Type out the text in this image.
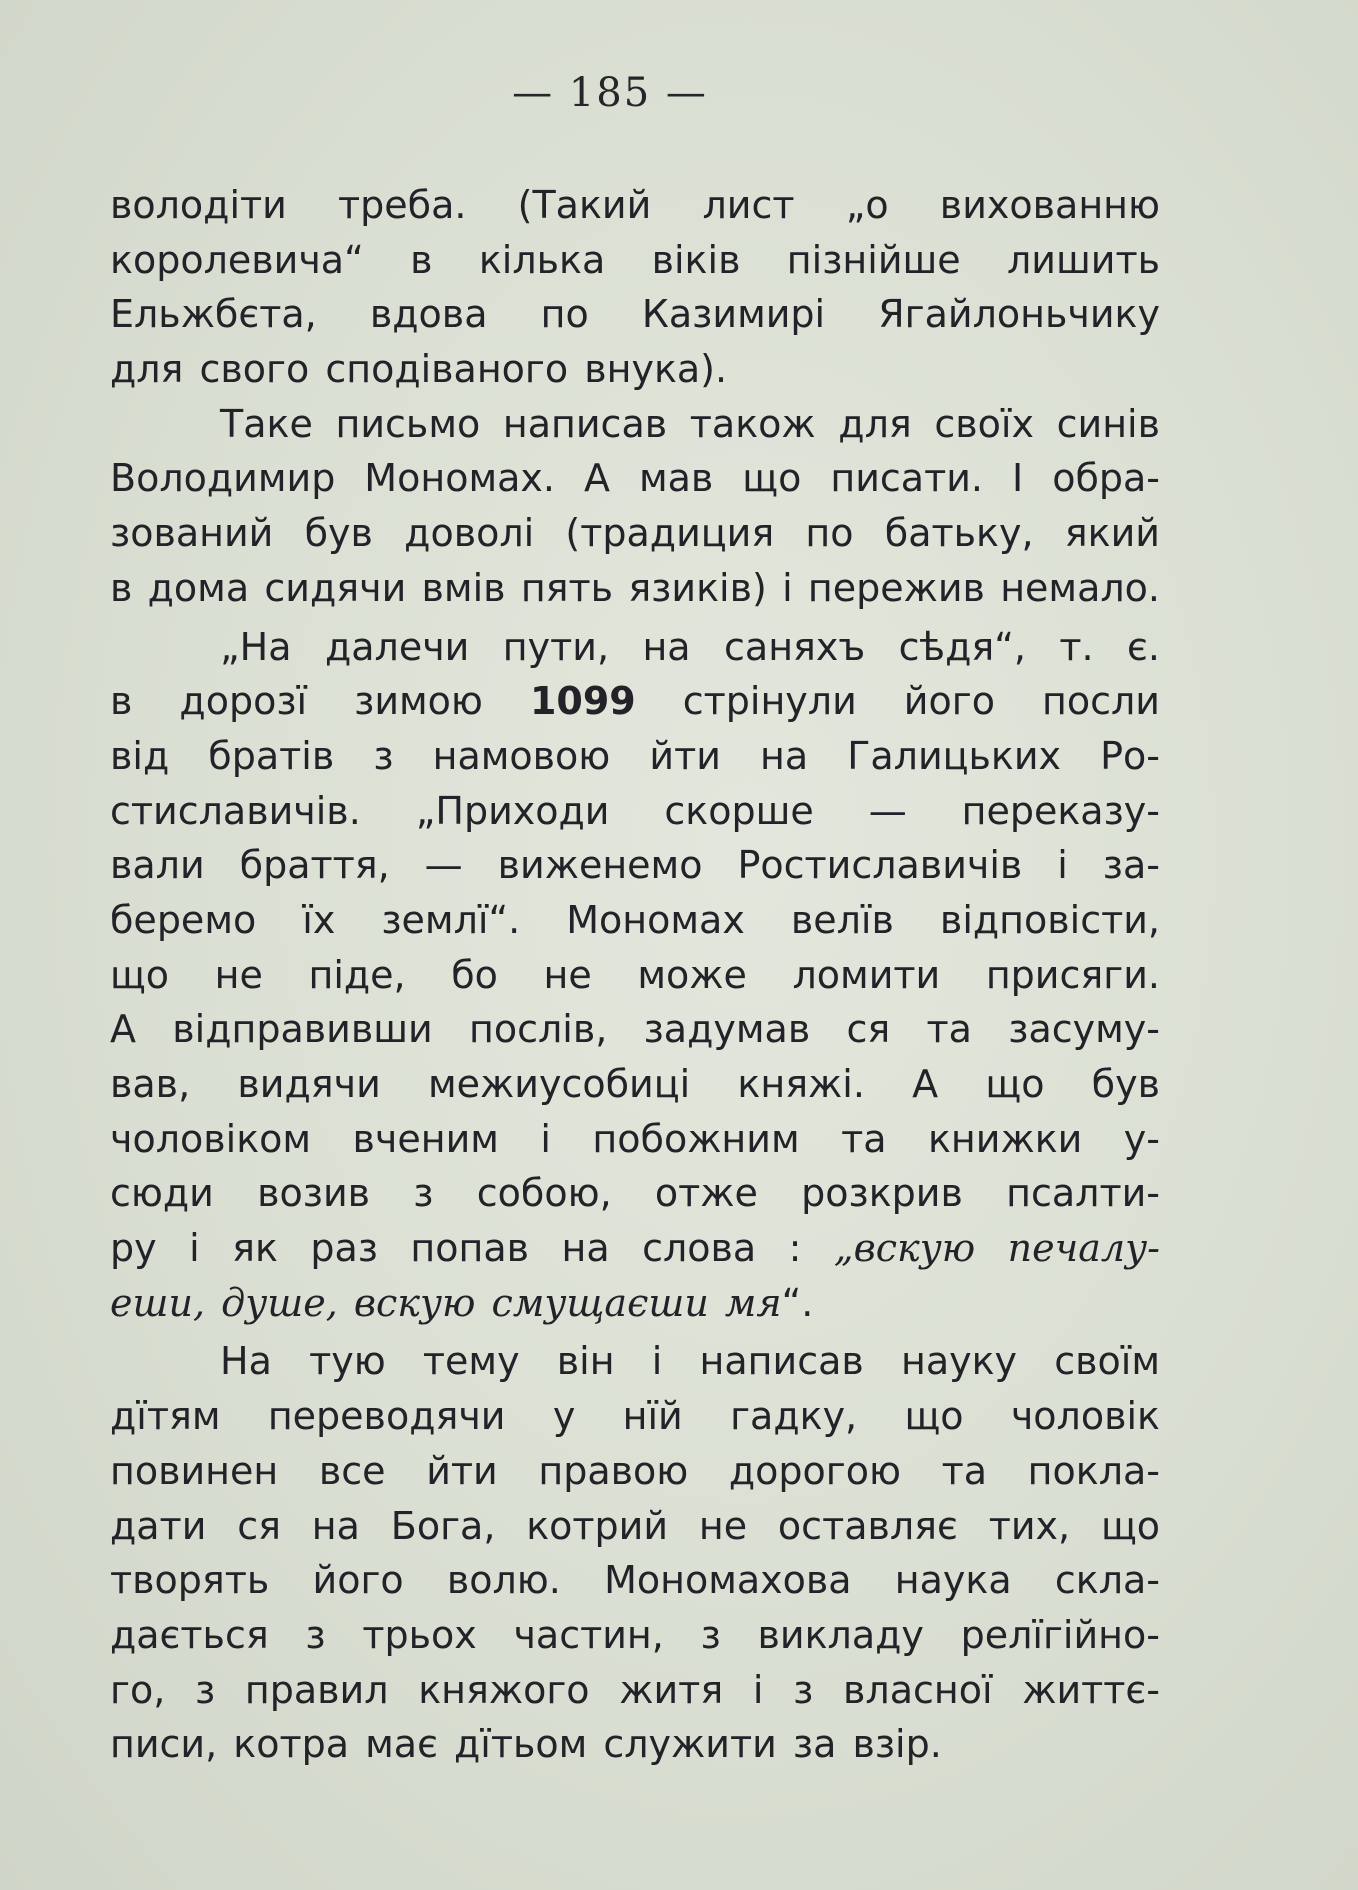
— 185 —
володіти треба. (Такий лист „о вихованню
королевича“ в кілька віків пізнійше лишить
Ельжбєта, вдова по Казимирі Ягайлоньчику
для свого сподіваного внука).
Таке письмо написав також для своїх синів
Володимир Мономах. А мав що писати. І обра-
зований був доволі (традиция по батьку, який
в дома сидячи вмів пять язиків) і пережив немало.
„На далечи пути, на саняхъ сѣдя“, т. є.
в дорозї зимою 1099 стрінули його посли
від братів з намовою йти на Галицьких Ро-
стиславичів. „Приходи скорше — переказу-
вали браття, — виженемо Ростиславичів і за-
беремо їх землї“. Мономах велїв відповісти,
що не піде, бо не може ломити присяги.
А відправивши послів, задумав ся та засуму-
вав, видячи межиусобиці княжі. А що був
чоловіком вченим і побожним та книжки у-
сюди возив з собою, отже розкрив псалти-
ру і як раз попав на слова : „вскую печалу-
еши, душе, вскую смущаєши мя“.
На тую тему він і написав науку своїм
дїтям переводячи у нїй гадку, що чоловік
повинен все йти правою дорогою та покла-
дати ся на Бога, котрий не оставляє тих, що
творять його волю. Мономахова наука скла-
дається з трьох частин, з викладу релїгійно-
го, з правил княжого житя і з власної життє-
писи, котра має дїтьом служити за взір.
